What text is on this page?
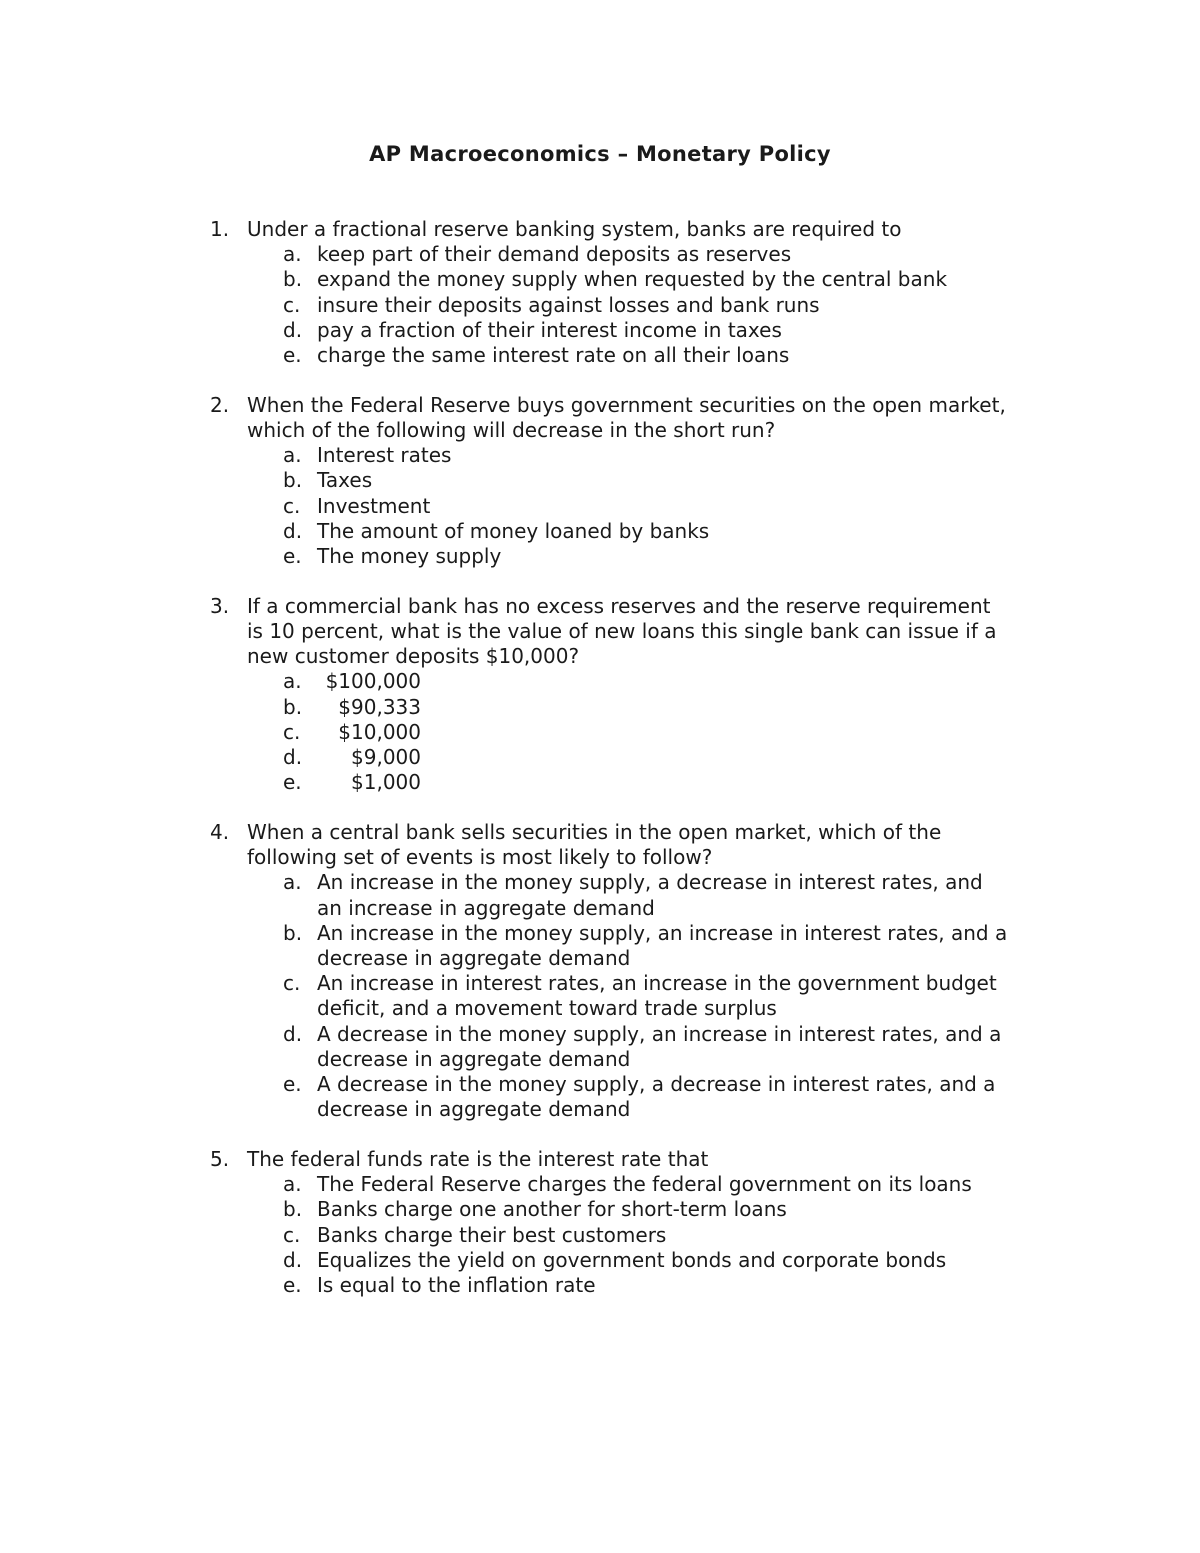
AP Macroeconomics – Monetary Policy
1. Under a fractional reserve banking system, banks are required to
a. keep part of their demand deposits as reserves
b. expand the money supply when requested by the central bank
c. insure their deposits against losses and bank runs
d. pay a fraction of their interest income in taxes
e. charge the same interest rate on all their loans
2. When the Federal Reserve buys government securities on the open market, which of the following will decrease in the short run?
a. Interest rates
b. Taxes
c. Investment
d. The amount of money loaned by banks
e. The money supply
3. If a commercial bank has no excess reserves and the reserve requirement is 10 percent, what is the value of new loans this single bank can issue if a new customer deposits $10,000?
a. $100,000
b. $90,333
c. $10,000
d. $9,000
e. $1,000
4. When a central bank sells securities in the open market, which of the following set of events is most likely to follow?
a. An increase in the money supply, a decrease in interest rates, and an increase in aggregate demand
b. An increase in the money supply, an increase in interest rates, and a decrease in aggregate demand
c. An increase in interest rates, an increase in the government budget deficit, and a movement toward trade surplus
d. A decrease in the money supply, an increase in interest rates, and a decrease in aggregate demand
e. A decrease in the money supply, a decrease in interest rates, and a decrease in aggregate demand
5. The federal funds rate is the interest rate that
a. The Federal Reserve charges the federal government on its loans
b. Banks charge one another for short-term loans
c. Banks charge their best customers
d. Equalizes the yield on government bonds and corporate bonds
e. Is equal to the inflation rate
